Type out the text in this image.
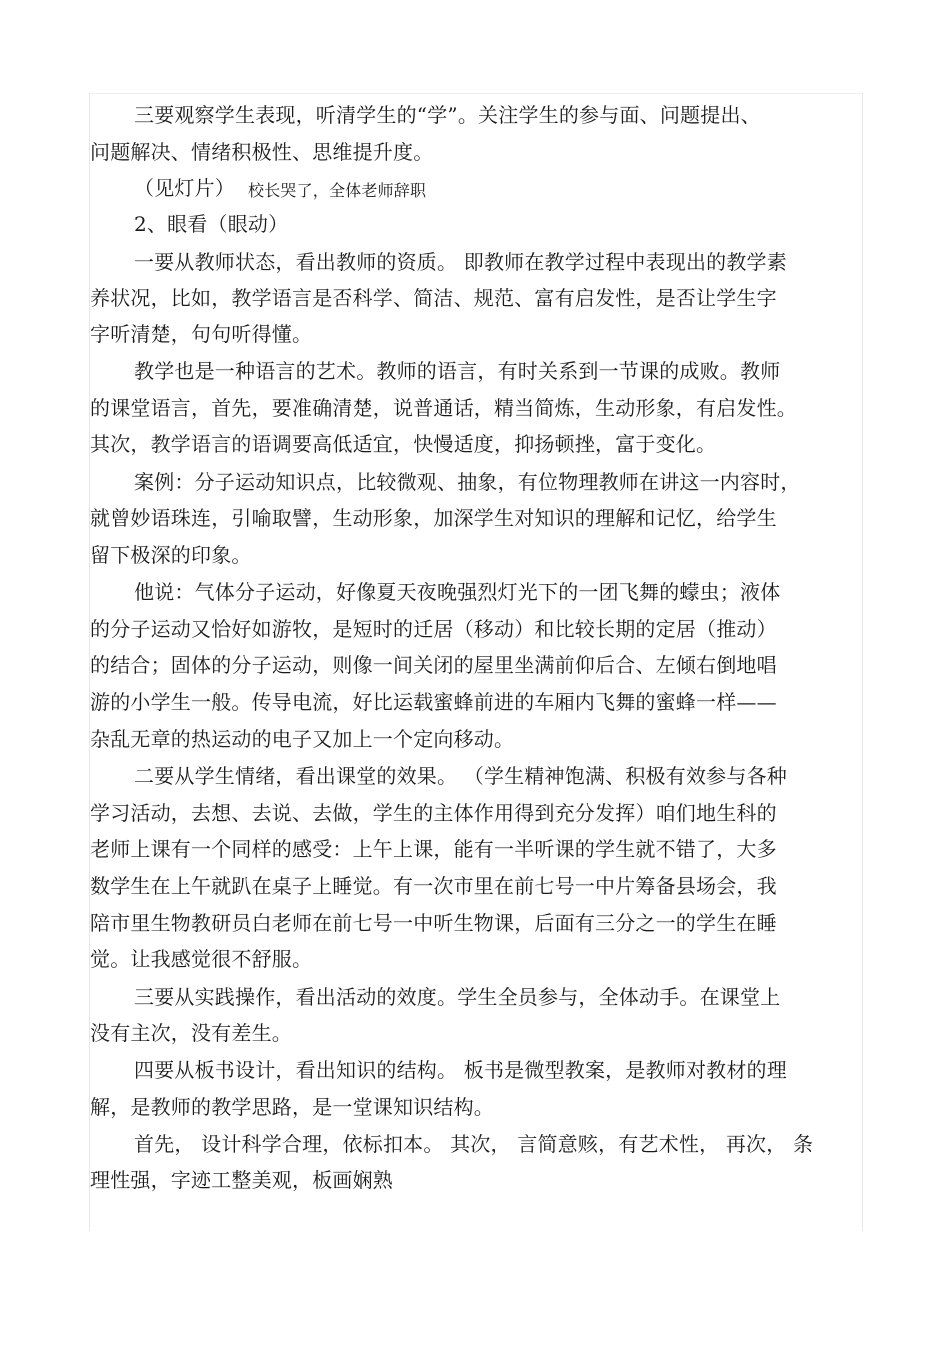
三要观察学生表现，听清学生的“学”。关注学生的参与面、问题提出、
问题解决、情绪积极性、思维提升度。
（见灯片） 校长哭了，全体老师辞职
2、眼看（眼动）
一要从教师状态，看出教师的资质。 即教师在教学过程中表现出的教学素
养状况，比如，教学语言是否科学、简洁、规范、富有启发性，是否让学生字
字听清楚，句句听得懂。
教学也是一种语言的艺术。教师的语言，有时关系到一节课的成败。教师
的课堂语言，首先，要准确清楚，说普通话，精当简炼，生动形象，有启发性。
其次，教学语言的语调要高低适宜，快慢适度，抑扬顿挫，富于变化。
案例：分子运动知识点，比较微观、抽象，有位物理教师在讲这一内容时，
就曾妙语珠连，引喻取譬，生动形象，加深学生对知识的理解和记忆，给学生
留下极深的印象。
他说：气体分子运动，好像夏天夜晚强烈灯光下的一团飞舞的蠓虫；液体
的分子运动又恰好如游牧，是短时的迁居（移动）和比较长期的定居（推动）
的结合；固体的分子运动，则像一间关闭的屋里坐满前仰后合、左倾右倒地唱
游的小学生一般。传导电流，好比运载蜜蜂前进的车厢内飞舞的蜜蜂一样——
杂乱无章的热运动的电子又加上一个定向移动。
二要从学生情绪，看出课堂的效果。 （学生精神饱满、积极有效参与各种
学习活动，去想、去说、去做，学生的主体作用得到充分发挥）咱们地生科的
老师上课有一个同样的感受：上午上课，能有一半听课的学生就不错了，大多
数学生在上午就趴在桌子上睡觉。有一次市里在前七号一中片筹备县场会，我
陪市里生物教研员白老师在前七号一中听生物课，后面有三分之一的学生在睡
觉。让我感觉很不舒服。
三要从实践操作，看出活动的效度。学生全员参与，全体动手。在课堂上
没有主次，没有差生。
四要从板书设计，看出知识的结构。 板书是微型教案，是教师对教材的理
解，是教师的教学思路，是一堂课知识结构。
首先， 设计科学合理，依标扣本。 其次， 言简意赅，有艺术性， 再次， 条
理性强，字迹工整美观，板画娴熟
